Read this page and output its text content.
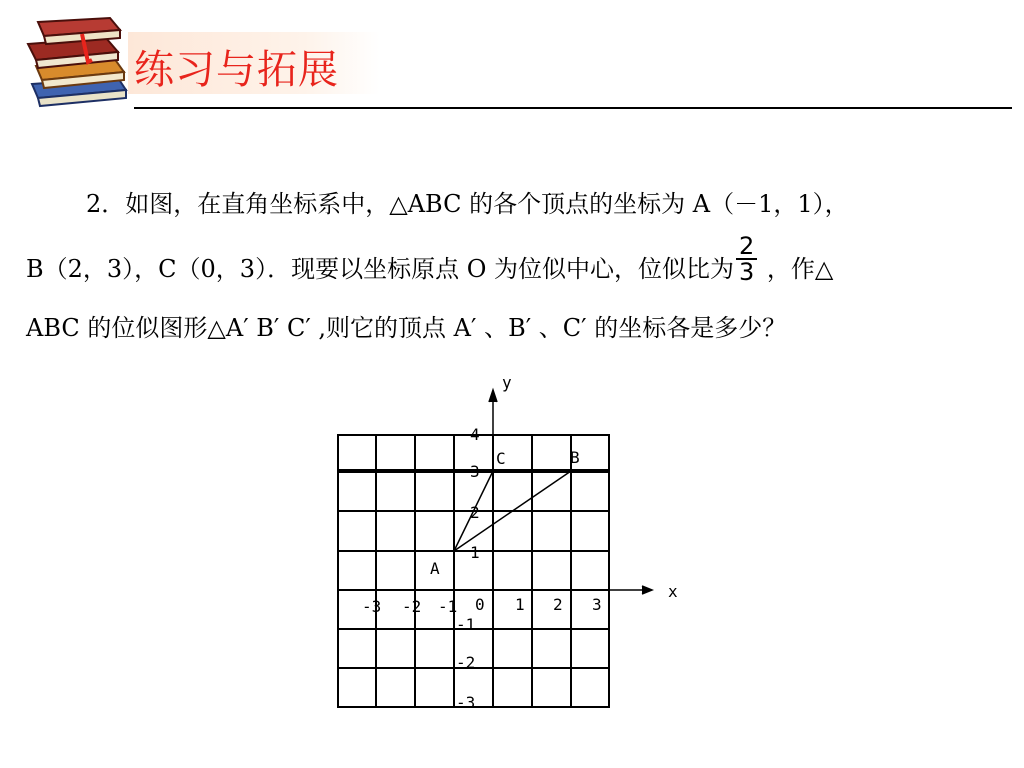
练习与拓展
2．如图，在直角坐标系中，△ABC 的各个顶点的坐标为 A（－1，1），
B（2，3），C（0，3）．现要以坐标原点 O 为位似中心，位似比为 $\frac{2}{3}$ ，作△
ABC 的位似图形△A′ B′ C′ ,则它的顶点 A′ 、B′ 、C′ 的坐标各是多少？
x
y
0
-3 -2 -1	1 2 3
1
2
3
4
-1
-2
-3
A
B
C
